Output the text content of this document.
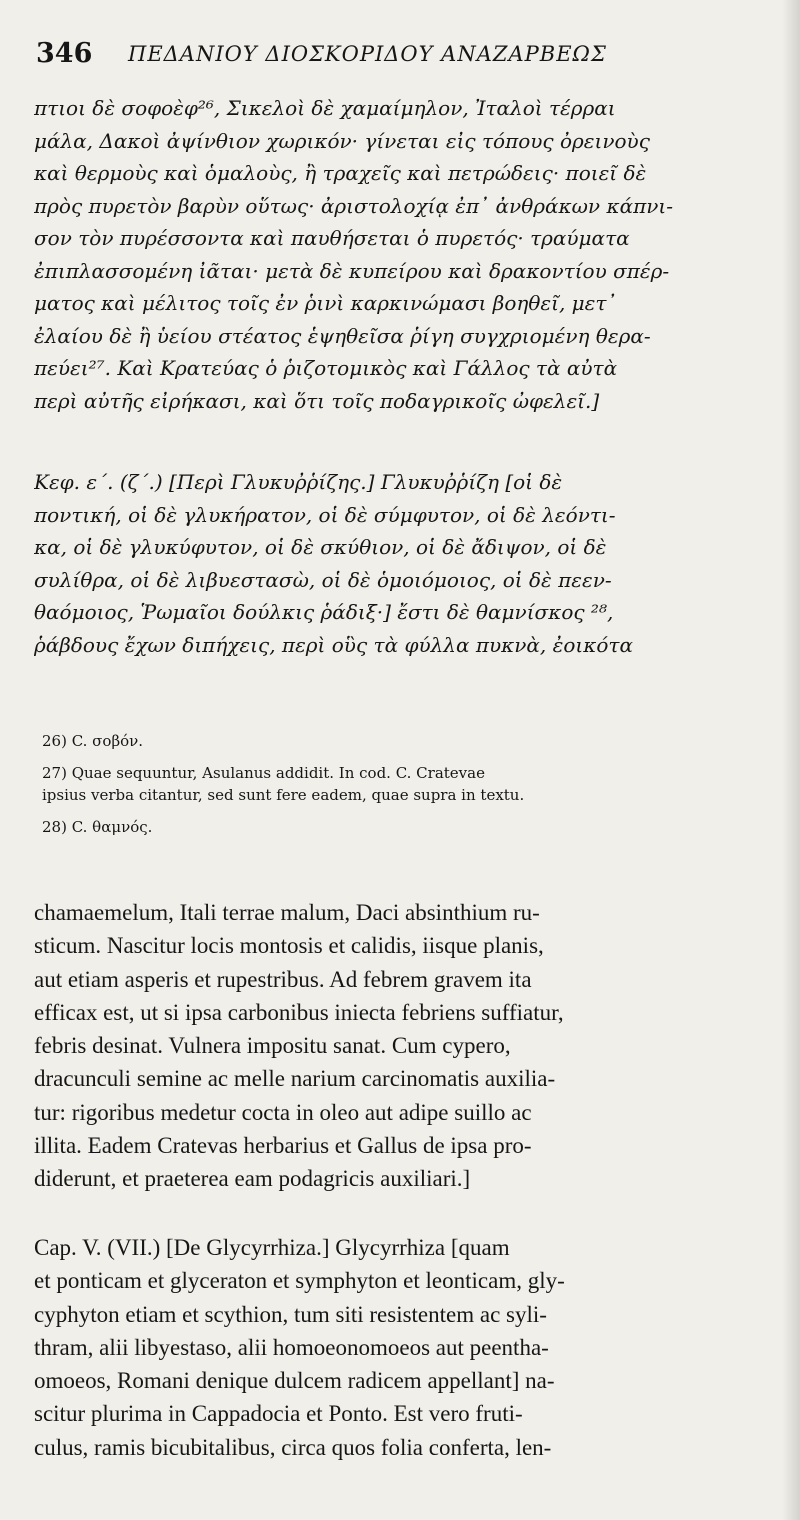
346 ΠΕΔΑΝΙΟΥ ΔΙΟΣΚΟΡΙΔΟΥ ΑΝΑΖΑΡΒΕΩΣ
πτιοι δὲ σοφοὲφ²⁶, Σικελοὶ δὲ χαμαίμηλον, Ἰταλοὶ τέρραι
μάλα, Δακοὶ ἀψίνθιον χωρικόν· γίνεται εἰς τόπους ὀρεινοὺς
καὶ θερμοὺς καὶ ὁμαλοὺς, ἢ τραχεῖς καὶ πετρώδεις· ποιεῖ δὲ
πρὸς πυρετὸν βαρὺν οὕτως· ἀριστολοχίᾳ ἐπ᾽ ἀνθράκων κάπνι-
σον τὸν πυρέσσοντα καὶ παυθήσεται ὁ πυρετός· τραύματα
ἐπιπλασσομένη ἰᾶται· μετὰ δὲ κυπείρου καὶ δρακοντίου σπέρ-
ματος καὶ μέλιτος τοῖς ἐν ῥινὶ καρκινώμασι βοηθεῖ, μετ᾽
ἐλαίου δὲ ἢ ὑείου στέατος ἑψηθεῖσα ῥίγη συγχριομένη θερα-
πεύει²⁷. Καὶ Κρατεύας ὁ ῥιζοτομικὸς καὶ Γάλλος τὰ αὐτὰ
περὶ αὐτῆς εἰρήκασι, καὶ ὅτι τοῖς ποδαγρικοῖς ὠφελεῖ.]
Κεφ. ε΄. (ζ΄.) [Περὶ Γλυκυῤῥίζης.] Γλυκυῤῥίζη [οἱ δὲ
ποντική, οἱ δὲ γλυκήρατον, οἱ δὲ σύμφυτον, οἱ δὲ λεόντι-
κα, οἱ δὲ γλυκύφυτον, οἱ δὲ σκύθιον, οἱ δὲ ἄδιψον, οἱ δὲ
συλίθρα, οἱ δὲ λιβυεστασὼ, οἱ δὲ ὁμοιόμοιος, οἱ δὲ πεεν-
θαόμοιος, Ῥωμαῖοι δούλκις ῥάδιξ·] ἔστι δὲ θαμνίσκος ²⁸,
ῥάβδους ἔχων διπήχεις, περὶ οὓς τὰ φύλλα πυκνὰ, ἐοικότα
26) C. σοβόν.
27) Quae sequuntur, Asulanus addidit. In cod. C. Cratevae
ipsius verba citantur, sed sunt fere eadem, quae supra in textu.
28) C. θαμνός.
chamaemelum, Itali terrae malum, Daci absinthium ru-
sticum. Nascitur locis montosis et calidis, iisque planis,
aut etiam asperis et rupestribus. Ad febrem gravem ita
efficax est, ut si ipsa carbonibus iniecta febriens suffiatur,
febris desinat. Vulnera impositu sanat. Cum cypero,
dracunculi semine ac melle narium carcinomatis auxilia-
tur: rigoribus medetur cocta in oleo aut adipe suillo ac
illita. Eadem Cratevas herbarius et Gallus de ipsa pro-
diderunt, et praeterea eam podagricis auxiliari.]
Cap. V. (VII.) [De Glycyrrhiza.] Glycyrrhiza [quam
et ponticam et glyceraton et symphyton et leonticam, gly-
cyphyton etiam et scythion, tum siti resistentem ac syli-
thram, alii libyestaso, alii homoeonomoeos aut peentha-
omoeos, Romani denique dulcem radicem appellant] na-
scitur plurima in Cappadocia et Ponto. Est vero fruti-
culus, ramis bicubitalibus, circa quos folia conferta, len-
